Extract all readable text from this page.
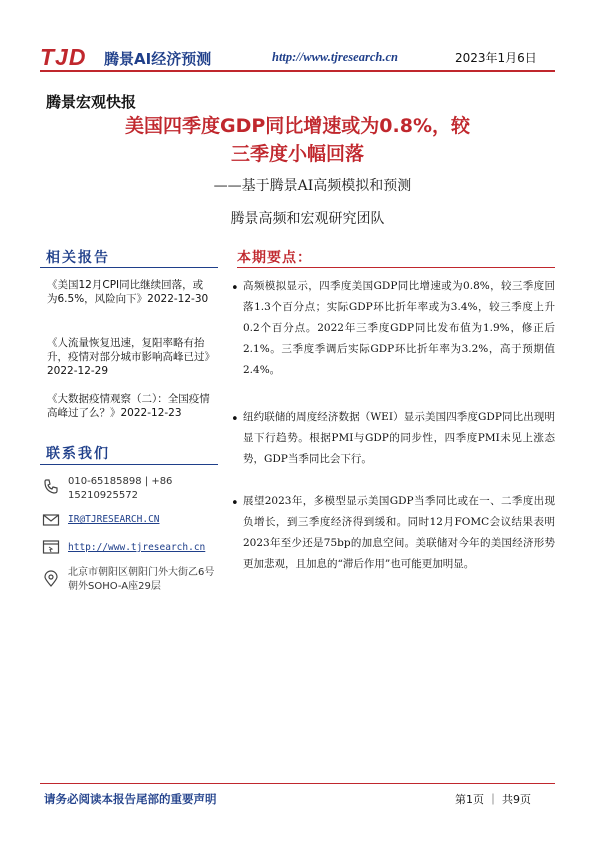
TJD 腾景AI经济预测	http://www.tjresearch.cn	2023年1月6日
腾景宏观快报
美国四季度GDP同比增速或为0.8%，较
三季度小幅回落
——基于腾景AI高频模拟和预测
腾景高频和宏观研究团队
相关报告
《美国12月CPI同比继续回落，或为6.5%，风险向下》2022-12-30
《人流量恢复迅速，复阳率略有抬升，疫情对部分城市影响高峰已过》2022-12-29
《大数据疫情观察（二）：全国疫情高峰过了么？》2022-12-23
联系我们
010-65185898 | +86 15210925572
IR@TJRESEARCH.CN
http://www.tjresearch.cn
北京市朝阳区朝阳门外大街乙6号朝外SOHO-A座29层
本期要点：
• 高频模拟显示，四季度美国GDP同比增速或为0.8%，较三季度回落1.3个百分点；实际GDP环比折年率或为3.4%，较三季度上升0.2个百分点。2022年三季度GDP同比发布值为1.9%，修正后2.1%。三季度季调后实际GDP环比折年率为3.2%，高于预期值2.4%。
• 纽约联储的周度经济数据（WEI）显示美国四季度GDP同比出现明显下行趋势。根据PMI与GDP的同步性，四季度PMI未见上涨态势，GDP当季同比会下行。
• 展望2023年，多模型显示美国GDP当季同比或在一、二季度出现负增长，到三季度经济得到缓和。同时12月FOMC会议结果表明2023年至少还是75bp的加息空间。美联储对今年的美国经济形势更加悲观，且加息的“滞后作用”也可能更加明显。
请务必阅读本报告尾部的重要声明	第1页 ｜ 共9页
